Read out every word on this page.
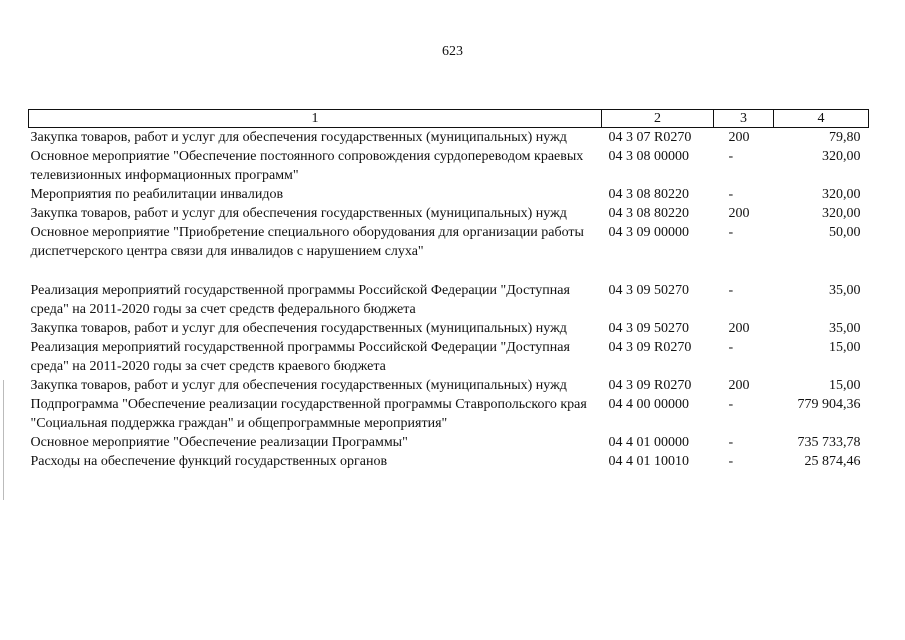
623
1	2	3	4
Закупка товаров, работ и услуг для обеспечения государственных (муниципальных) нужд	04 3 07 R0270	200	79,80
Основное мероприятие "Обеспечение постоянного сопровождения сурдопереводом краевых телевизионных информационных программ"	04 3 08 00000	-	320,00
Мероприятия по реабилитации инвалидов	04 3 08 80220	-	320,00
Закупка товаров, работ и услуг для обеспечения государственных (муниципальных) нужд	04 3 08 80220	200	320,00
Основное мероприятие "Приобретение специального оборудования для организации работы диспетчерского центра связи для инвалидов с нарушением слуха"	04 3 09 00000	-	50,00

Реализация мероприятий государственной программы Российской Федерации "Доступная среда" на 2011-2020 годы за счет средств федерального бюджета	04 3 09 50270	-	35,00
Закупка товаров, работ и услуг для обеспечения государственных (муниципальных) нужд	04 3 09 50270	200	35,00
Реализация мероприятий государственной программы Российской Федерации "Доступная среда" на 2011-2020 годы за счет средств краевого бюджета	04 3 09 R0270	-	15,00
Закупка товаров, работ и услуг для обеспечения государственных (муниципальных) нужд	04 3 09 R0270	200	15,00
Подпрограмма "Обеспечение реализации государственной программы Ставропольского края "Социальная поддержка граждан" и общепрограммные мероприятия"	04 4 00 00000	-	779 904,36
Основное мероприятие "Обеспечение реализации Программы"	04 4 01 00000	-	735 733,78
Расходы на обеспечение функций государственных органов	04 4 01 10010	-	25 874,46
